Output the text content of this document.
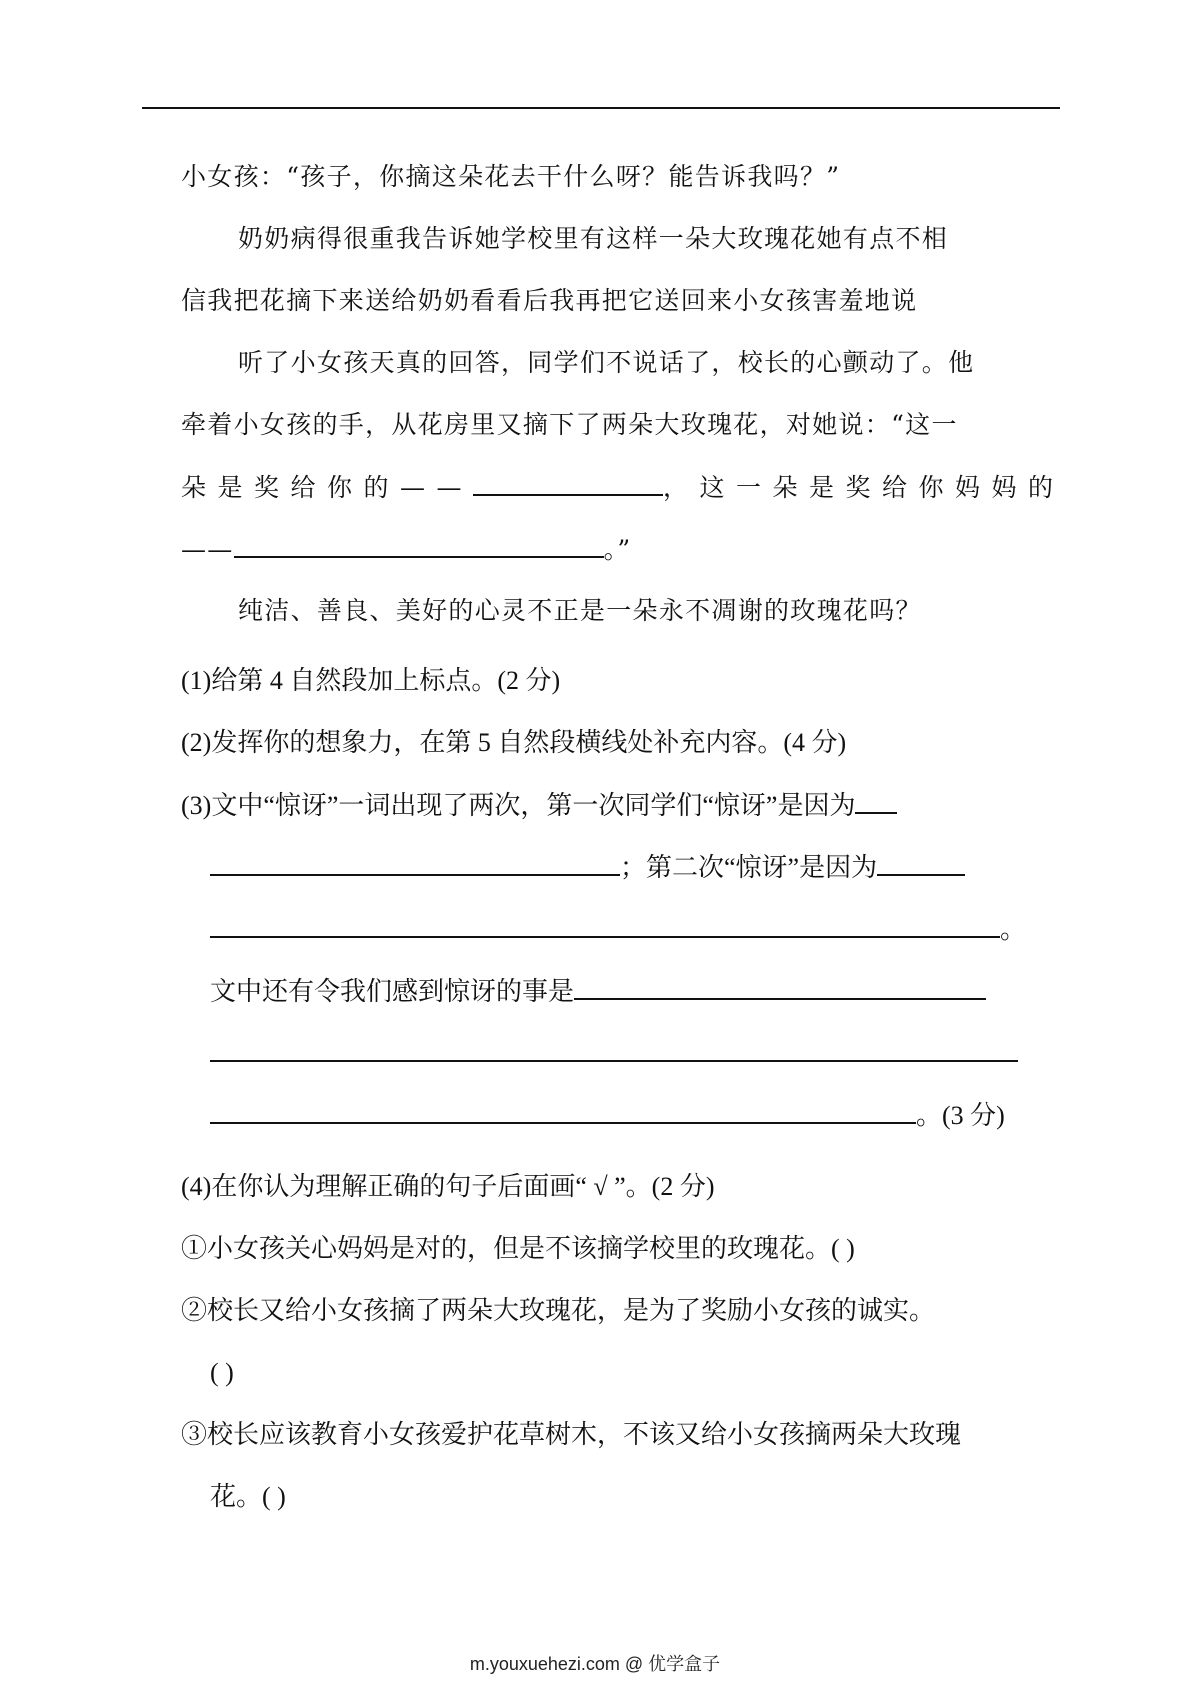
小女孩：“孩子，你摘这朵花去干什么呀？能告诉我吗？”
奶奶病得很重我告诉她学校里有这样一朵大玫瑰花她有点不相
信我把花摘下来送给奶奶看看后我再把它送回来小女孩害羞地说
听了小女孩天真的回答，同学们不说话了，校长的心颤动了。他
牵着小女孩的手，从花房里又摘下了两朵大玫瑰花，对她说：“这一
朵是奖给你的——	，这一朵是奖给你妈妈的
——	。”
纯洁、善良、美好的心灵不正是一朵永不凋谢的玫瑰花吗？
(1)给第 4 自然段加上标点。(2 分)
(2)发挥你的想象力，在第 5 自然段横线处补充内容。(4 分)
(3)文中“惊讶”一词出现了两次，第一次同学们“惊讶”是因为
；第二次“惊讶”是因为
。
文中还有令我们感到惊讶的事是
。(3 分)
(4)在你认为理解正确的句子后面画“ √ ”。(2 分)
①小女孩关心妈妈是对的，但是不该摘学校里的玫瑰花。( )
②校长又给小女孩摘了两朵大玫瑰花，是为了奖励小女孩的诚实。
( )
③校长应该教育小女孩爱护花草树木，不该又给小女孩摘两朵大玫瑰
花。( )
m.youxuehezi.com @ 优学盒子
